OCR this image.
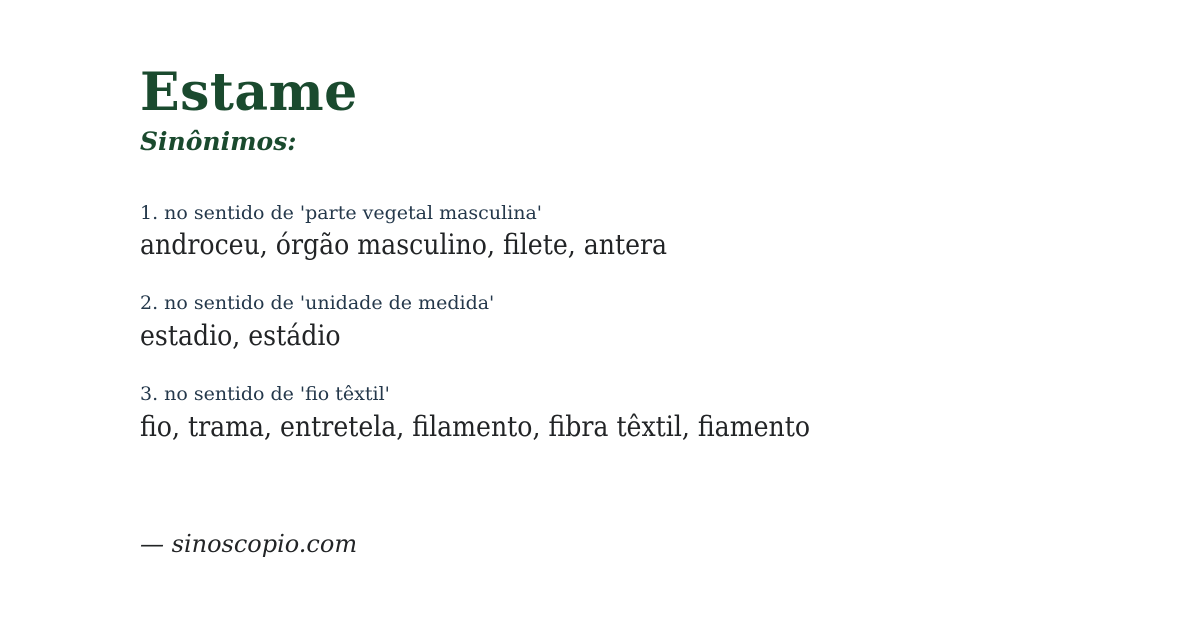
Estame
Sinônimos:
1. no sentido de 'parte vegetal masculina'
androceu, órgão masculino, filete, antera
2. no sentido de 'unidade de medida'
estadio, estádio
3. no sentido de 'fio têxtil'
fio, trama, entretela, filamento, fibra têxtil, fiamento
— sinoscopio.com
